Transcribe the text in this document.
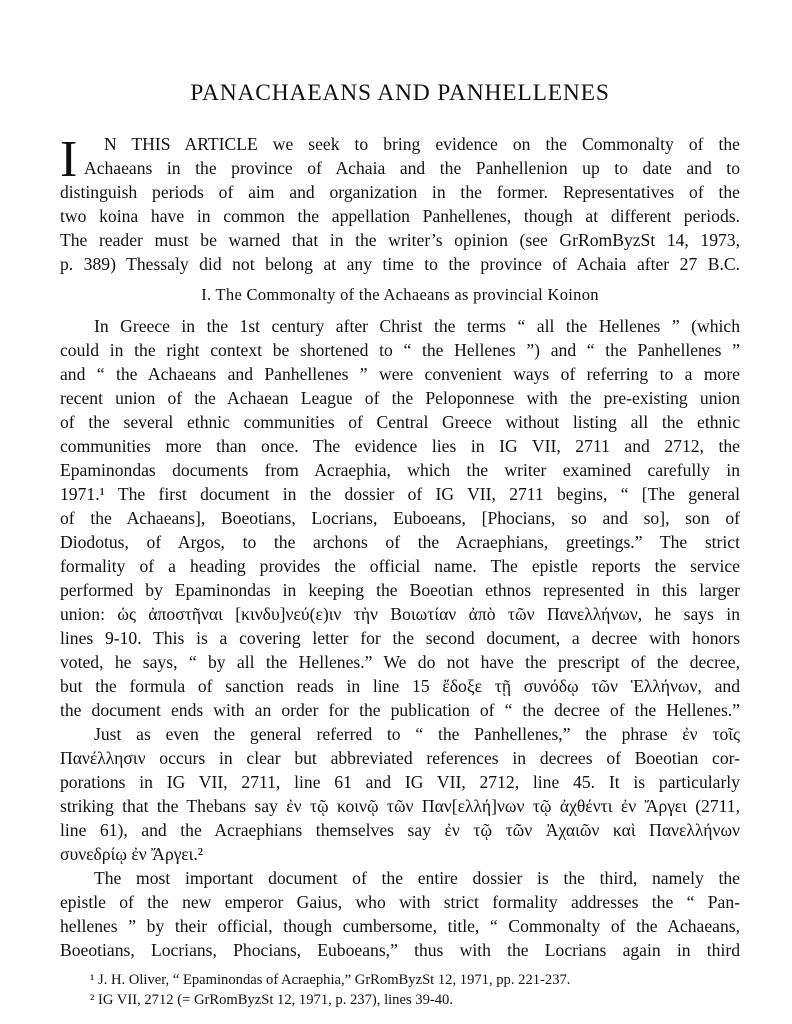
PANACHAEANS AND PANHELLENES
I N THIS ARTICLE we seek to bring evidence on the Commonalty of the
Achaeans in the province of Achaia and the Panhellenion up to date and to
distinguish periods of aim and organization in the former. Representatives of the
two koina have in common the appellation Panhellenes, though at different periods.
The reader must be warned that in the writer’s opinion (see GrRomByzSt 14, 1973,
p. 389) Thessaly did not belong at any time to the province of Achaia after 27 B.C.
I. The Commonalty of the Achaeans as provincial Koinon
In Greece in the 1st century after Christ the terms “ all the Hellenes ” (which
could in the right context be shortened to “ the Hellenes ”) and “ the Panhellenes ”
and “ the Achaeans and Panhellenes ” were convenient ways of referring to a more
recent union of the Achaean League of the Peloponnese with the pre-existing union
of the several ethnic communities of Central Greece without listing all the ethnic
communities more than once. The evidence lies in IG VII, 2711 and 2712, the
Epaminondas documents from Acraephia, which the writer examined carefully in
1971.¹ The first document in the dossier of IG VII, 2711 begins, “ [The general
of the Achaeans], Boeotians, Locrians, Euboeans, [Phocians, so and so], son of
Diodotus, of Argos, to the archons of the Acraephians, greetings.” The strict
formality of a heading provides the official name. The epistle reports the service
performed by Epaminondas in keeping the Boeotian ethnos represented in this larger
union: ὡς ἀποστῆναι [κινδυ]νεύ(ε)ιν τὴν Βοιωτίαν ἀπὸ τῶν Πανελλήνων, he says in
lines 9-10. This is a covering letter for the second document, a decree with honors
voted, he says, “ by all the Hellenes.” We do not have the prescript of the decree,
but the formula of sanction reads in line 15 ἔδοξε τῇ συνόδῳ τῶν Ἑλλήνων, and
the document ends with an order for the publication of “ the decree of the Hellenes.”
Just as even the general referred to “ the Panhellenes,” the phrase ἐν τοῖς
Πανέλλησιν occurs in clear but abbreviated references in decrees of Boeotian cor-
porations in IG VII, 2711, line 61 and IG VII, 2712, line 45. It is particularly
striking that the Thebans say ἐν τῷ κοινῷ τῶν Παν[ελλή]νων τῷ ἀχθέντι ἐν Ἄργει (2711,
line 61), and the Acraephians themselves say ἐν τῷ τῶν Ἀχαιῶν καὶ Πανελλήνων
συνεδρίῳ ἐν Ἄργει.²
The most important document of the entire dossier is the third, namely the
epistle of the new emperor Gaius, who with strict formality addresses the “ Pan-
hellenes ” by their official, though cumbersome, title, “ Commonalty of the Achaeans,
Boeotians, Locrians, Phocians, Euboeans,” thus with the Locrians again in third
¹ J. H. Oliver, “ Epaminondas of Acraephia,” GrRomByzSt 12, 1971, pp. 221-237.
² IG VII, 2712 (= GrRomByzSt 12, 1971, p. 237), lines 39-40.
